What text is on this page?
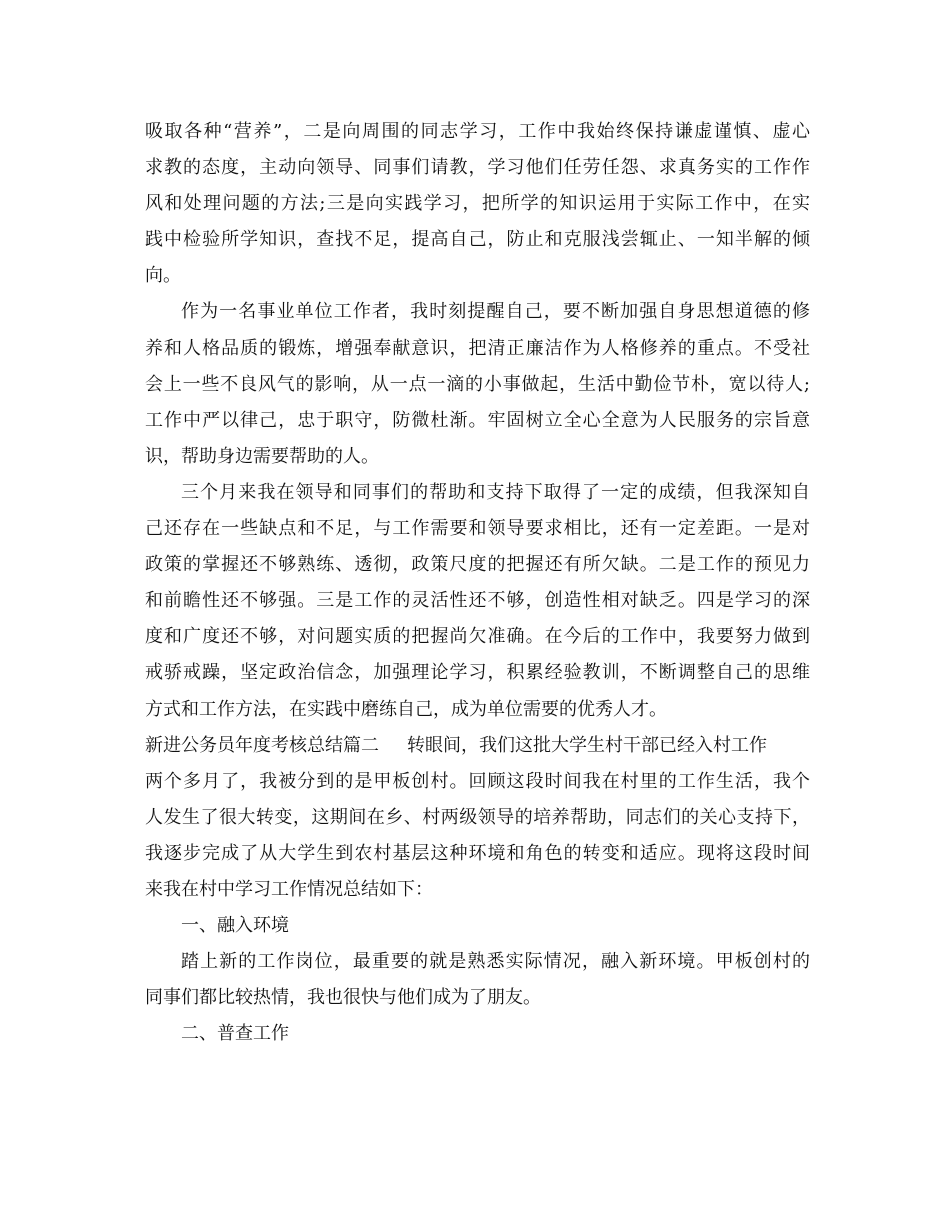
吸取各种“营养”，二是向周围的同志学习，工作中我始终保持谦虚谨慎、虚心
求教的态度，主动向领导、同事们请教，学习他们任劳任怨、求真务实的工作作
风和处理问题的方法;三是向实践学习，把所学的知识运用于实际工作中，在实
践中检验所学知识，查找不足，提高自己，防止和克服浅尝辄止、一知半解的倾
向。
作为一名事业单位工作者，我时刻提醒自己，要不断加强自身思想道德的修
养和人格品质的锻炼，增强奉献意识，把清正廉洁作为人格修养的重点。不受社
会上一些不良风气的影响，从一点一滴的小事做起，生活中勤俭节朴，宽以待人;
工作中严以律己，忠于职守，防微杜渐。牢固树立全心全意为人民服务的宗旨意
识，帮助身边需要帮助的人。
三个月来我在领导和同事们的帮助和支持下取得了一定的成绩，但我深知自
己还存在一些缺点和不足，与工作需要和领导要求相比，还有一定差距。一是对
政策的掌握还不够熟练、透彻，政策尺度的把握还有所欠缺。二是工作的预见力
和前瞻性还不够强。三是工作的灵活性还不够，创造性相对缺乏。四是学习的深
度和广度还不够，对问题实质的把握尚欠准确。在今后的工作中，我要努力做到
戒骄戒躁，坚定政治信念，加强理论学习，积累经验教训，不断调整自己的思维
方式和工作方法，在实践中磨练自己，成为单位需要的优秀人才。
新进公务员年度考核总结篇二 转眼间，我们这批大学生村干部已经入村工作
两个多月了，我被分到的是甲板创村。回顾这段时间我在村里的工作生活，我个
人发生了很大转变，这期间在乡、村两级领导的培养帮助，同志们的关心支持下，
我逐步完成了从大学生到农村基层这种环境和角色的转变和适应。现将这段时间
来我在村中学习工作情况总结如下：
一、融入环境
踏上新的工作岗位，最重要的就是熟悉实际情况，融入新环境。甲板创村的
同事们都比较热情，我也很快与他们成为了朋友。
二、普查工作
